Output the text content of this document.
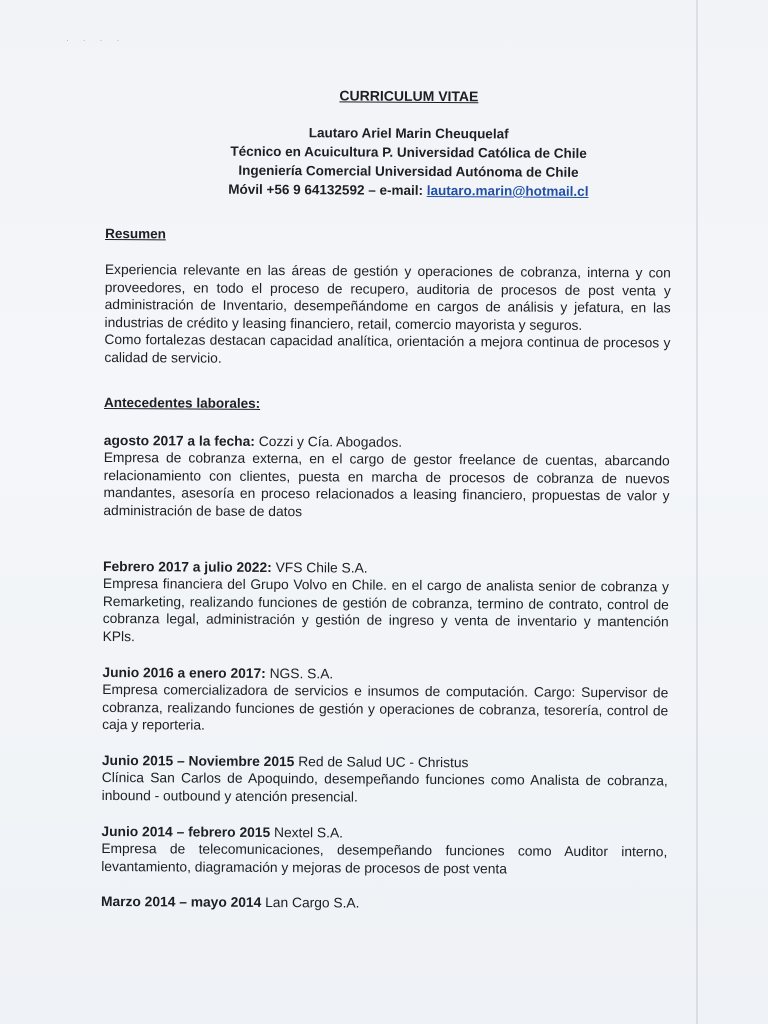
· · · ·
CURRICULUM VITAE
Lautaro Ariel Marin Cheuquelaf
Técnico en Acuicultura P. Universidad Católica de Chile
Ingeniería Comercial Universidad Autónoma de Chile
Móvil +56 9 64132592 – e-mail: lautaro.marin@hotmail.cl
Resumen

Experiencia relevante en las áreas de gestión y operaciones de cobranza, interna y con proveedores, en todo el proceso de recupero, auditoria de procesos de post venta y administración de Inventario, desempeñándome en cargos de análisis y jefatura, en las industrias de crédito y leasing financiero, retail, comercio mayorista y seguros.

Como fortalezas destacan capacidad analítica, orientación a mejora continua de procesos y calidad de servicio.

Antecedentes laborales:
agosto 2017 a la fecha: Cozzi y Cía. Abogados.

Empresa de cobranza externa, en el cargo de gestor freelance de cuentas, abarcando relacionamiento con clientes, puesta en marcha de procesos de cobranza de nuevos mandantes, asesoría en proceso relacionados a leasing financiero, propuestas de valor y administración de base de datos

Febrero 2017 a julio 2022: VFS Chile S.A.

Empresa financiera del Grupo Volvo en Chile. en el cargo de analista senior de cobranza y Remarketing, realizando funciones de gestión de cobranza, termino de contrato, control de cobranza legal, administración y gestión de ingreso y venta de inventario y mantención KPls.

Junio 2016 a enero 2017: NGS. S.A.

Empresa comercializadora de servicios e insumos de computación. Cargo: Supervisor de cobranza, realizando funciones de gestión y operaciones de cobranza, tesorería, control de caja y reporteria.

Junio 2015 – Noviembre 2015 Red de Salud UC - Christus

Clínica San Carlos de Apoquindo, desempeñando funciones como Analista de cobranza, inbound - outbound y atención presencial.

Junio 2014 – febrero 2015 Nextel S.A.

Empresa de telecomunicaciones, desempeñando funciones como Auditor interno, levantamiento, diagramación y mejoras de procesos de post venta

Marzo 2014 – mayo 2014 Lan Cargo S.A.
